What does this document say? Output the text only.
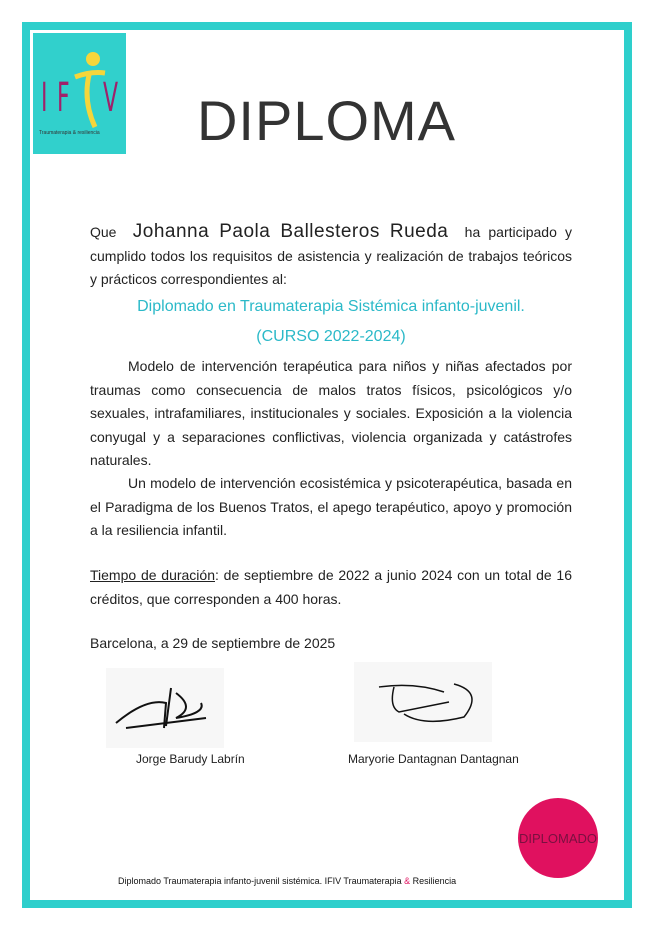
I F V
Traumaterapia & resiliencia	DIPLOMA
Que Johanna Paola Ballesteros Rueda ha participado y cumplido todos los requisitos de asistencia y realización de trabajos teóricos y prácticos correspondientes al:
Diplomado en Traumaterapia Sistémica infanto-juvenil.
(CURSO 2022-2024)
Modelo de intervención terapéutica para niños y niñas afectados por traumas como consecuencia de malos tratos físicos, psicológicos y/o sexuales, intrafamiliares, institucionales y sociales. Exposición a la violencia conyugal y a separaciones conflictivas, violencia organizada y catástrofes naturales.
Un modelo de intervención ecosistémica y psicoterapéutica, basada en el Paradigma de los Buenos Tratos, el apego terapéutico, apoyo y promoción a la resiliencia infantil.
Tiempo de duración: de septiembre de 2022 a junio 2024 con un total de 16 créditos, que corresponden a 400 horas.
Barcelona, a 29 de septiembre de 2025
Jorge Barudy Labrín	Maryorie Dantagnan Dantagnan
DIPLOMADO
Diplomado Traumaterapia infanto-juvenil sistémica. IFIV Traumaterapia & Resiliencia
